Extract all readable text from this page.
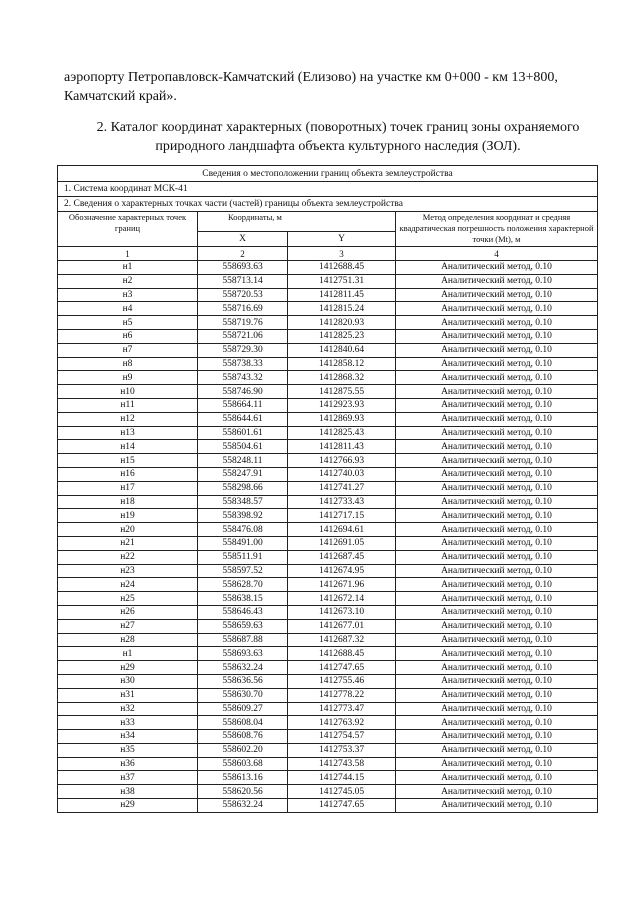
аэропорту Петропавловск-Камчатский (Елизово) на участке км 0+000 - км 13+800,
Камчатский край».
2. Каталог координат характерных (поворотных) точек границ зоны охраняемого
природного ландшафта объекта культурного наследия (ЗОЛ).
Сведения о местоположении границ объекта землеустройства			
1. Система координат МСК-41			
2. Сведения о характерных точках части (частей) границы объекта землеустройства			
Обозначение характерных точек границ	Координаты, м		Метод определения координат и средняя квадратическая погрешность положения характерной точки (Mt), м
	X	Y	
1	2	3	4
н1	558693.63	1412688.45	Аналитический метод, 0.10
н2	558713.14	1412751.31	Аналитический метод, 0.10
н3	558720.53	1412811.45	Аналитический метод, 0.10
н4	558716.69	1412815.24	Аналитический метод, 0.10
н5	558719.76	1412820.93	Аналитический метод, 0.10
н6	558721.06	1412825.23	Аналитический метод, 0.10
н7	558729.30	1412840.64	Аналитический метод, 0.10
н8	558738.33	1412858.12	Аналитический метод, 0.10
н9	558743.32	1412868.32	Аналитический метод, 0.10
н10	558746.90	1412875.55	Аналитический метод, 0.10
н11	558664.11	1412923.93	Аналитический метод, 0.10
н12	558644.61	1412869.93	Аналитический метод, 0.10
н13	558601.61	1412825.43	Аналитический метод, 0.10
н14	558504.61	1412811.43	Аналитический метод, 0.10
н15	558248.11	1412766.93	Аналитический метод, 0.10
н16	558247.91	1412740.03	Аналитический метод, 0.10
н17	558298.66	1412741.27	Аналитический метод, 0.10
н18	558348.57	1412733.43	Аналитический метод, 0.10
н19	558398.92	1412717.15	Аналитический метод, 0.10
н20	558476.08	1412694.61	Аналитический метод, 0.10
н21	558491.00	1412691.05	Аналитический метод, 0.10
н22	558511.91	1412687.45	Аналитический метод, 0.10
н23	558597.52	1412674.95	Аналитический метод, 0.10
н24	558628.70	1412671.96	Аналитический метод, 0.10
н25	558638.15	1412672.14	Аналитический метод, 0.10
н26	558646.43	1412673.10	Аналитический метод, 0.10
н27	558659.63	1412677.01	Аналитический метод, 0.10
н28	558687.88	1412687.32	Аналитический метод, 0.10
н1	558693.63	1412688.45	Аналитический метод, 0.10
н29	558632.24	1412747.65	Аналитический метод, 0.10
н30	558636.56	1412755.46	Аналитический метод, 0.10
н31	558630.70	1412778.22	Аналитический метод, 0.10
н32	558609.27	1412773.47	Аналитический метод, 0.10
н33	558608.04	1412763.92	Аналитический метод, 0.10
н34	558608.76	1412754.57	Аналитический метод, 0.10
н35	558602.20	1412753.37	Аналитический метод, 0.10
н36	558603.68	1412743.58	Аналитический метод, 0.10
н37	558613.16	1412744.15	Аналитический метод, 0.10
н38	558620.56	1412745.05	Аналитический метод, 0.10
н29	558632.24	1412747.65	Аналитический метод, 0.10
